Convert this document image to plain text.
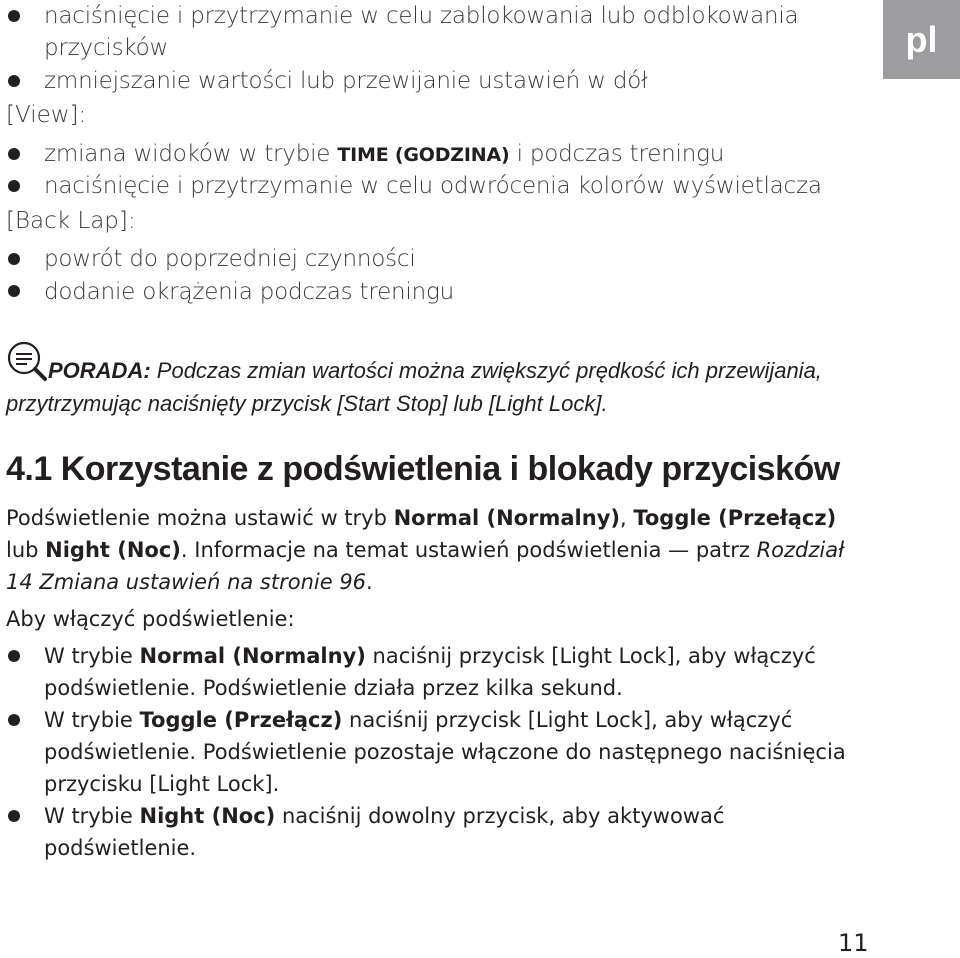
pl
naciśnięcie i przytrzymanie w celu zablokowania lub odblokowania
przycisków
zmniejszanie wartości lub przewijanie ustawień w dół
[View]:
zmiana widoków w trybie TIME (GODZINA) i podczas treningu
naciśnięcie i przytrzymanie w celu odwrócenia kolorów wyświetlacza
[Back Lap]:
powrót do poprzedniej czynności
dodanie okrążenia podczas treningu
PORADA: Podczas zmian wartości można zwiększyć prędkość ich przewijania,
przytrzymując naciśnięty przycisk [Start Stop] lub [Light Lock].
4.1 Korzystanie z podświetlenia i blokady przycisków
Podświetlenie można ustawić w tryb Normal (Normalny), Toggle (Przełącz)
lub Night (Noc). Informacje na temat ustawień podświetlenia — patrz Rozdział
14 Zmiana ustawień na stronie 96.
Aby włączyć podświetlenie:
W trybie Normal (Normalny) naciśnij przycisk [Light Lock], aby włączyć
podświetlenie. Podświetlenie działa przez kilka sekund.
W trybie Toggle (Przełącz) naciśnij przycisk [Light Lock], aby włączyć
podświetlenie. Podświetlenie pozostaje włączone do następnego naciśnięcia
przycisku [Light Lock].
W trybie Night (Noc) naciśnij dowolny przycisk, aby aktywować
podświetlenie.
11
